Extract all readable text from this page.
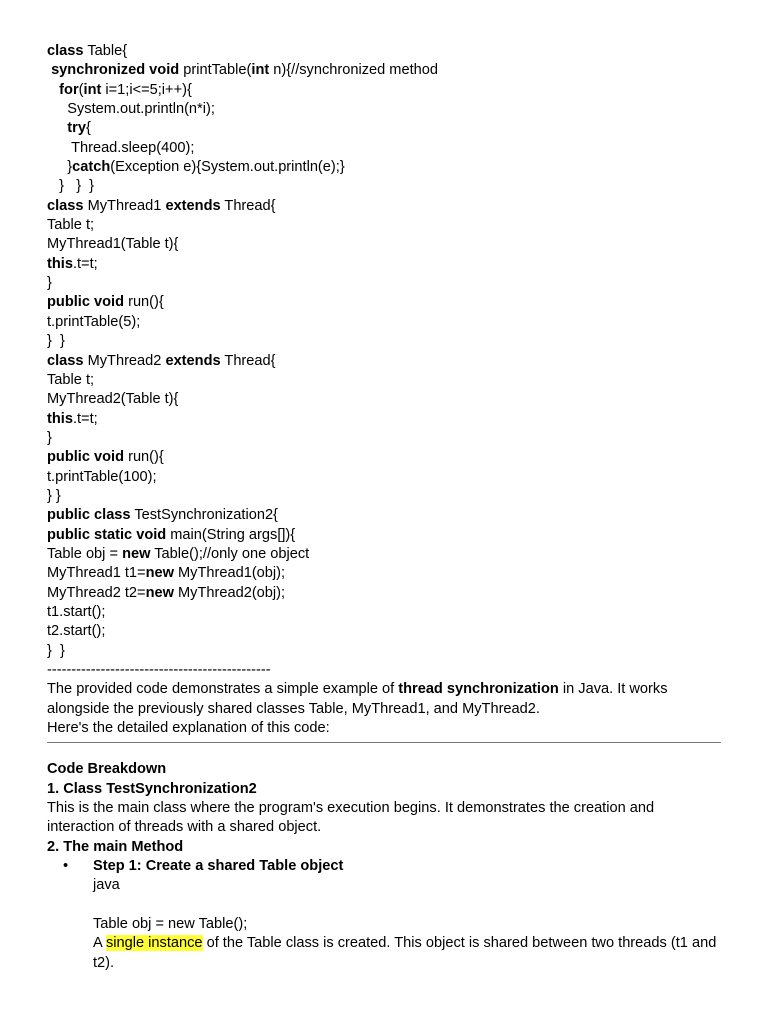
class Table{
synchronized void printTable(int n){//synchronized method
for(int i=1;i<=5;i++){
System.out.println(n*i);
try{
Thread.sleep(400);
}catch(Exception e){System.out.println(e);}
}   }  }
class MyThread1 extends Thread{
Table t;
MyThread1(Table t){
this.t=t;
}
public void run(){
t.printTable(5);
}  }
class MyThread2 extends Thread{
Table t;
MyThread2(Table t){
this.t=t;
}
public void run(){
t.printTable(100);
} }
public class TestSynchronization2{
public static void main(String args[]){
Table obj = new Table();//only one object
MyThread1 t1=new MyThread1(obj);
MyThread2 t2=new MyThread2(obj);
t1.start();
t2.start();
}  }
----------------------------------------------

The provided code demonstrates a simple example of thread synchronization in Java. It works alongside the previously shared classes Table, MyThread1, and MyThread2.

Here's the detailed explanation of this code:

Code Breakdown
1. Class TestSynchronization2

This is the main class where the program's execution begins. It demonstrates the creation and interaction of threads with a shared object.

2. The main Method
• Step 1: Create a shared Table object
java
Table obj = new Table();
A single instance of the Table class is created. This object is shared between two threads (t1 and t2).
